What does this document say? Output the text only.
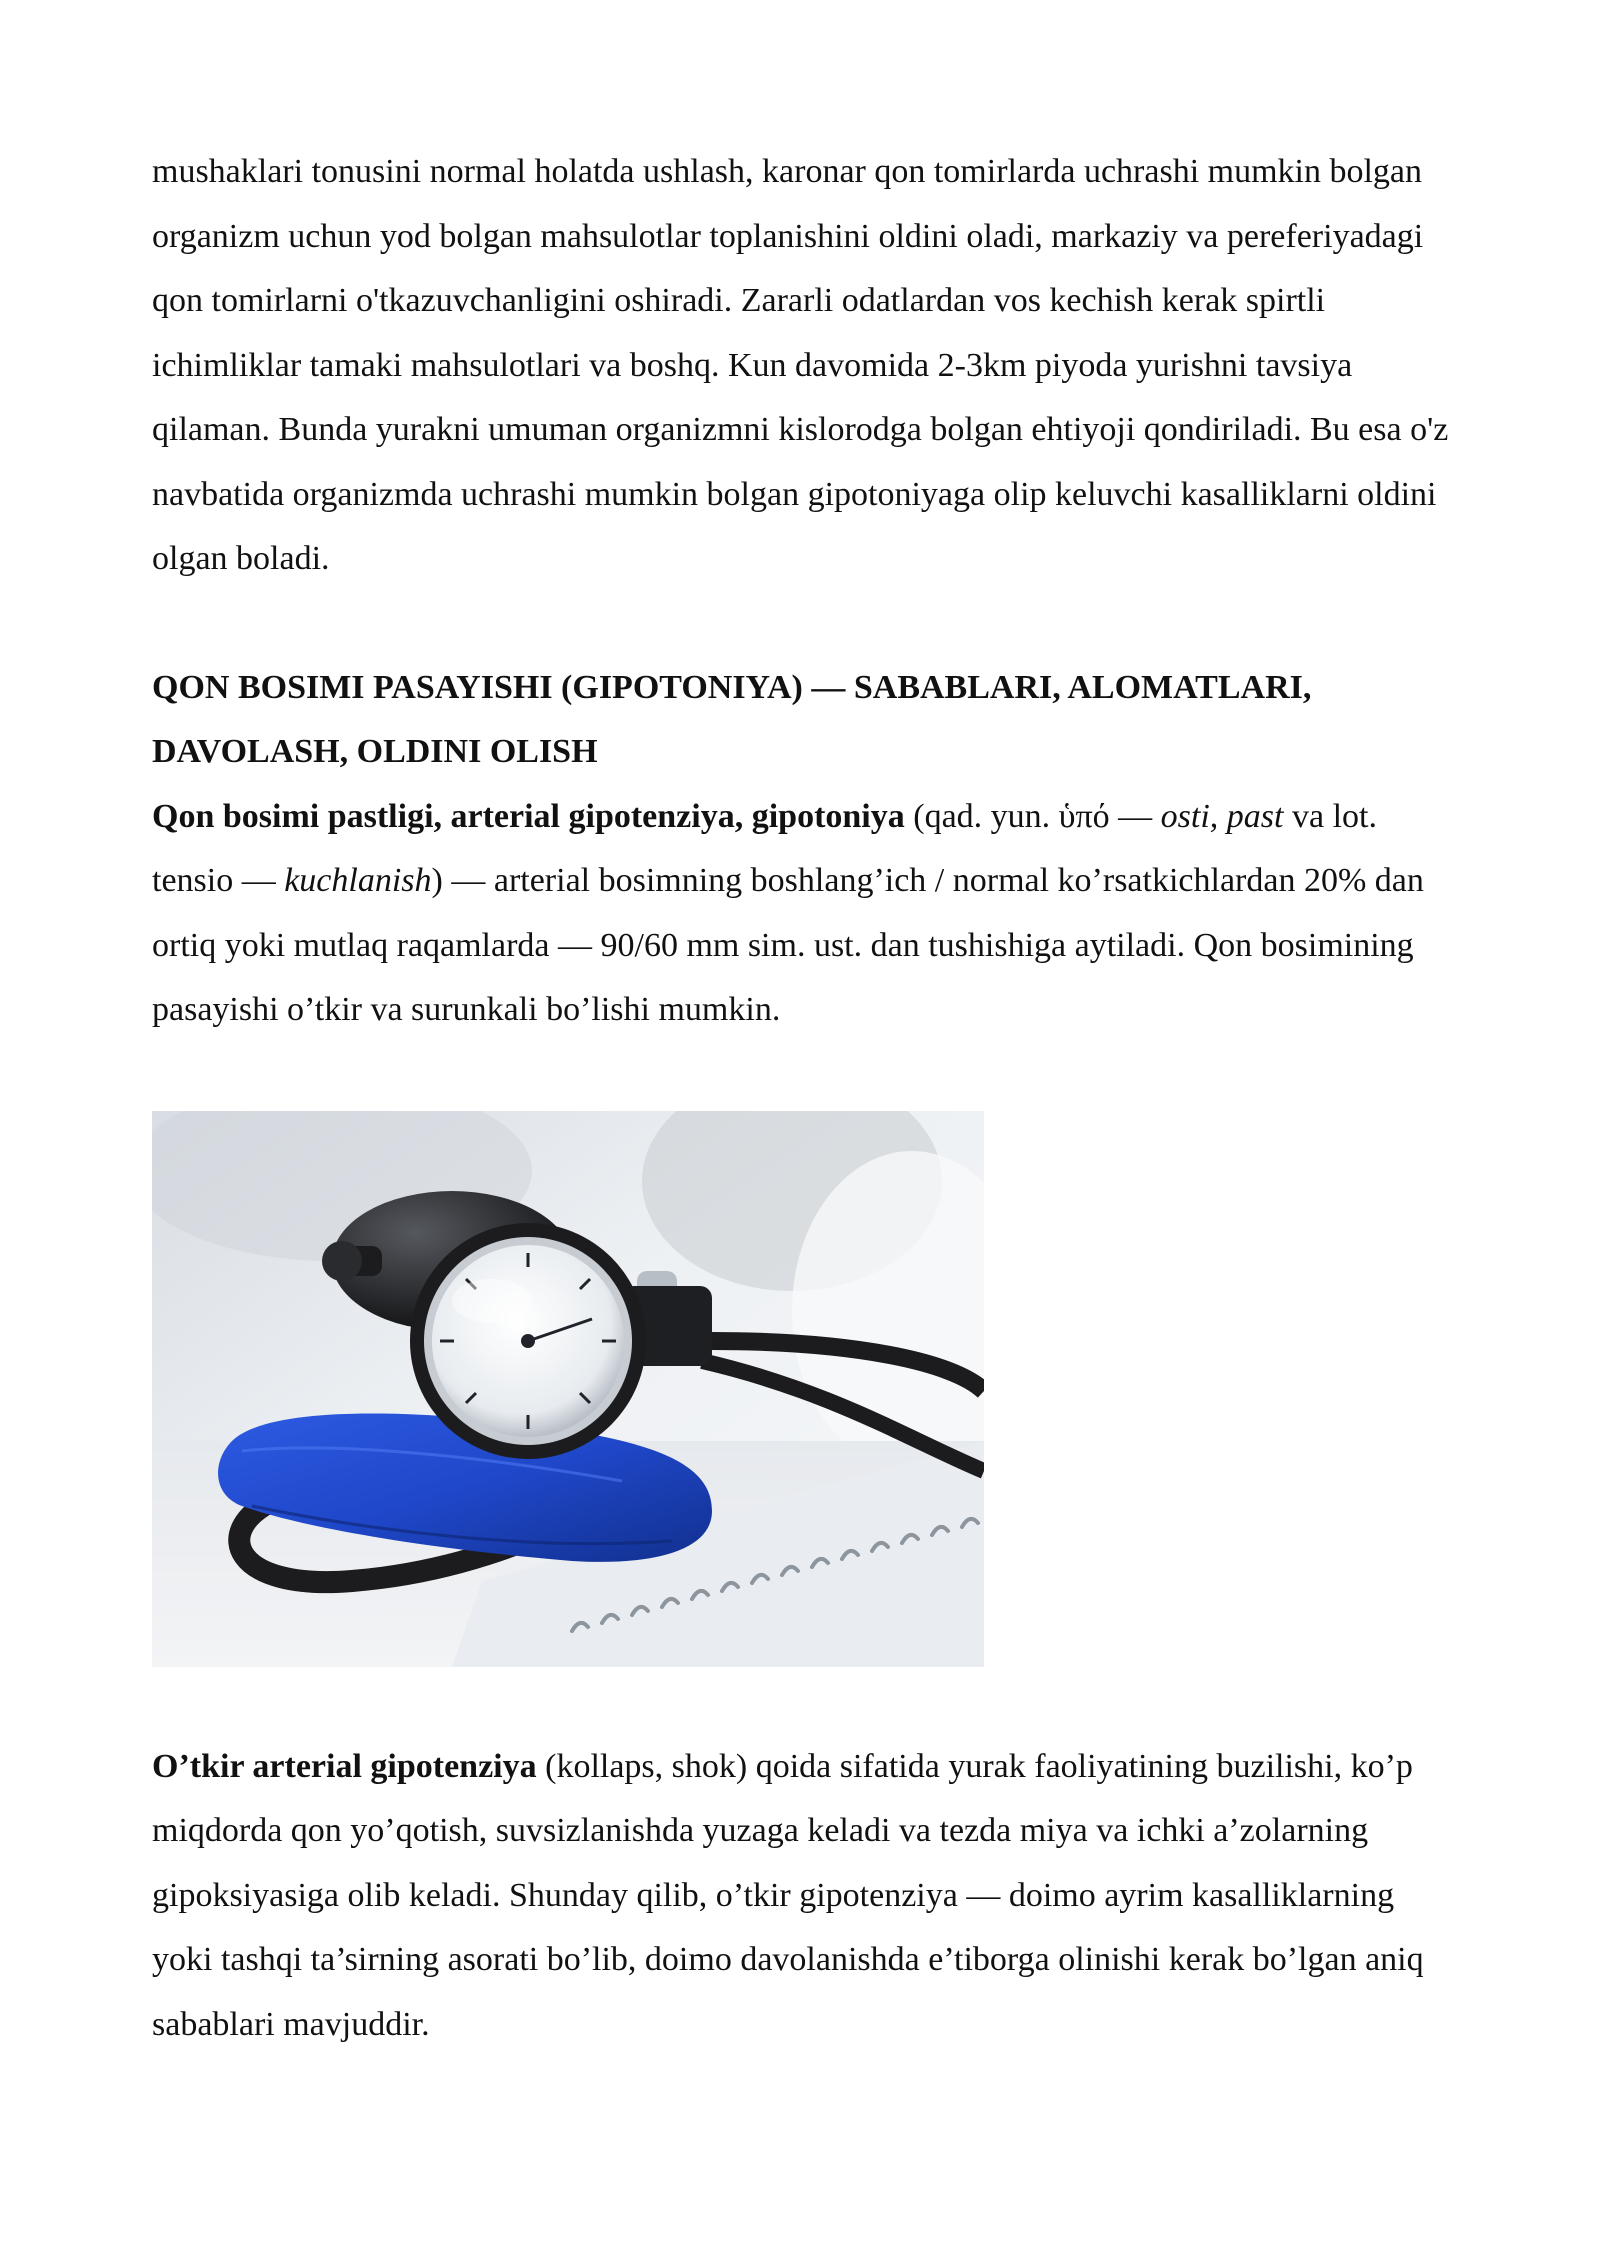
mushaklari tonusini normal holatda ushlash, karonar qon tomirlarda uchrashi mumkin bolgan organizm uchun yod bolgan mahsulotlar toplanishini oldini oladi, markaziy va pereferiyadagi qon tomirlarni o'tkazuvchanligini oshiradi. Zararli odatlardan vos kechish kerak spirtli ichimliklar tamaki mahsulotlari va boshq. Kun davomida 2-3km piyoda yurishni tavsiya qilaman. Bunda yurakni umuman organizmni kislorodga bolgan ehtiyoji qondiriladi. Bu esa o'z navbatida organizmda uchrashi mumkin bolgan gipotoniyaga olip keluvchi kasalliklarni oldini olgan boladi.

QON BOSIMI PASAYISHI (GIPOTONIYA) — SABABLARI, ALOMATLARI, DAVOLASH, OLDINI OLISH

Qon bosimi pastligi, arterial gipotenziya, gipotoniya (qad. yun. ὑπό — osti, past va lot. tensio — kuchlanish) — arterial bosimning boshlang’ich / normal ko’rsatkichlardan 20% dan ortiq yoki mutlaq raqamlarda — 90/60 mm sim. ust. dan tushishiga aytiladi. Qon bosimining pasayishi o’tkir va surunkali bo’lishi mumkin.

O’tkir arterial gipotenziya (kollaps, shok) qoida sifatida yurak faoliyatining buzilishi, ko’p miqdorda qon yo’qotish, suvsizlanishda yuzaga keladi va tezda miya va ichki a’zolarning gipoksiyasiga olib keladi. Shunday qilib, o’tkir gipotenziya — doimo ayrim kasalliklarning yoki tashqi ta’sirning asorati bo’lib, doimo davolanishda e’tiborga olinishi kerak bo’lgan aniq sabablari mavjuddir.
